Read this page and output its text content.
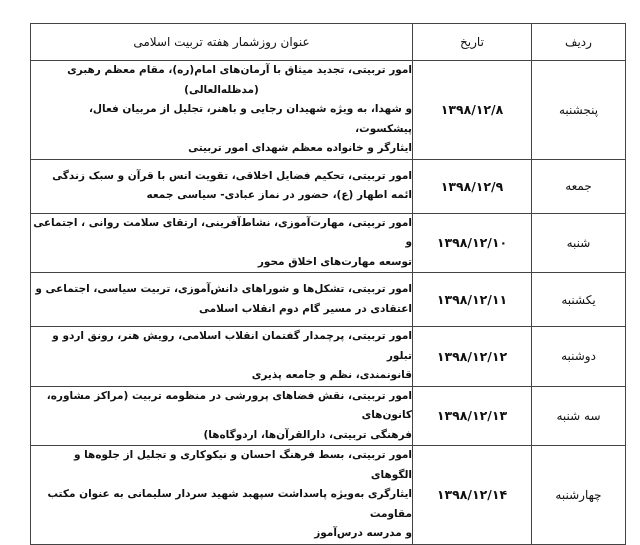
ردیف	تاریخ	عنوان روزشمار هفته تربیت اسلامی
پنجشنبه	۱۳۹۸/۱۲/۸	امور تربیتی، تجدید میثاق با آرمان‌های امام(ره)، مقام معظم رهبری
(مدظله‌العالی)
و شهدا، به ویژه شهیدان رجایی و باهنر، تجلیل از مربیان فعال، پیشکسوت،
ایثارگر و خانواده معظم شهدای امور تربیتی

جمعه	۱۳۹۸/۱۲/۹	امور تربیتی، تحکیم فضایل اخلاقی، تقویت انس با قرآن و سبک زندگی
ائمه اطهار (ع)، حضور در نماز عبادی- سیاسی جمعه

شنبه	۱۳۹۸/۱۲/۱۰	امور تربیتی، مهارت‌آموزی، نشاط‌آفرینی، ارتقای سلامت روانی ، اجتماعی و
توسعه مهارت‌های اخلاق محور

یکشنبه	۱۳۹۸/۱۲/۱۱	امور تربیتی، تشکل‌ها و شوراهای دانش‌آموزی، تربیت سیاسی، اجتماعی و
اعتقادی در مسیر گام دوم انقلاب اسلامی

دوشنبه	۱۳۹۸/۱۲/۱۲	امور تربیتی، پرچمدار گفتمان انقلاب اسلامی، رویش هنر، رونق اردو و تبلور
قانونمندی، نظم و جامعه پذیری

سه شنبه	۱۳۹۸/۱۲/۱۳	امور تربیتی، نقش فضاهای پرورشی در منظومه تربیت (مراکز مشاوره، کانون‌های
فرهنگی تربیتی، دارالقرآن‌ها، اردوگاه‌ها)

چهارشنبه	۱۳۹۸/۱۲/۱۴	امور تربیتی، بسط فرهنگ احسان و نیکوکاری و تجلیل از جلوه‌ها و الگوهای
ایثارگری به‌ویژه پاسداشت سپهبد شهید سردار سلیمانی به عنوان مکتب مقاومت
و مدرسه درس‌آموز
